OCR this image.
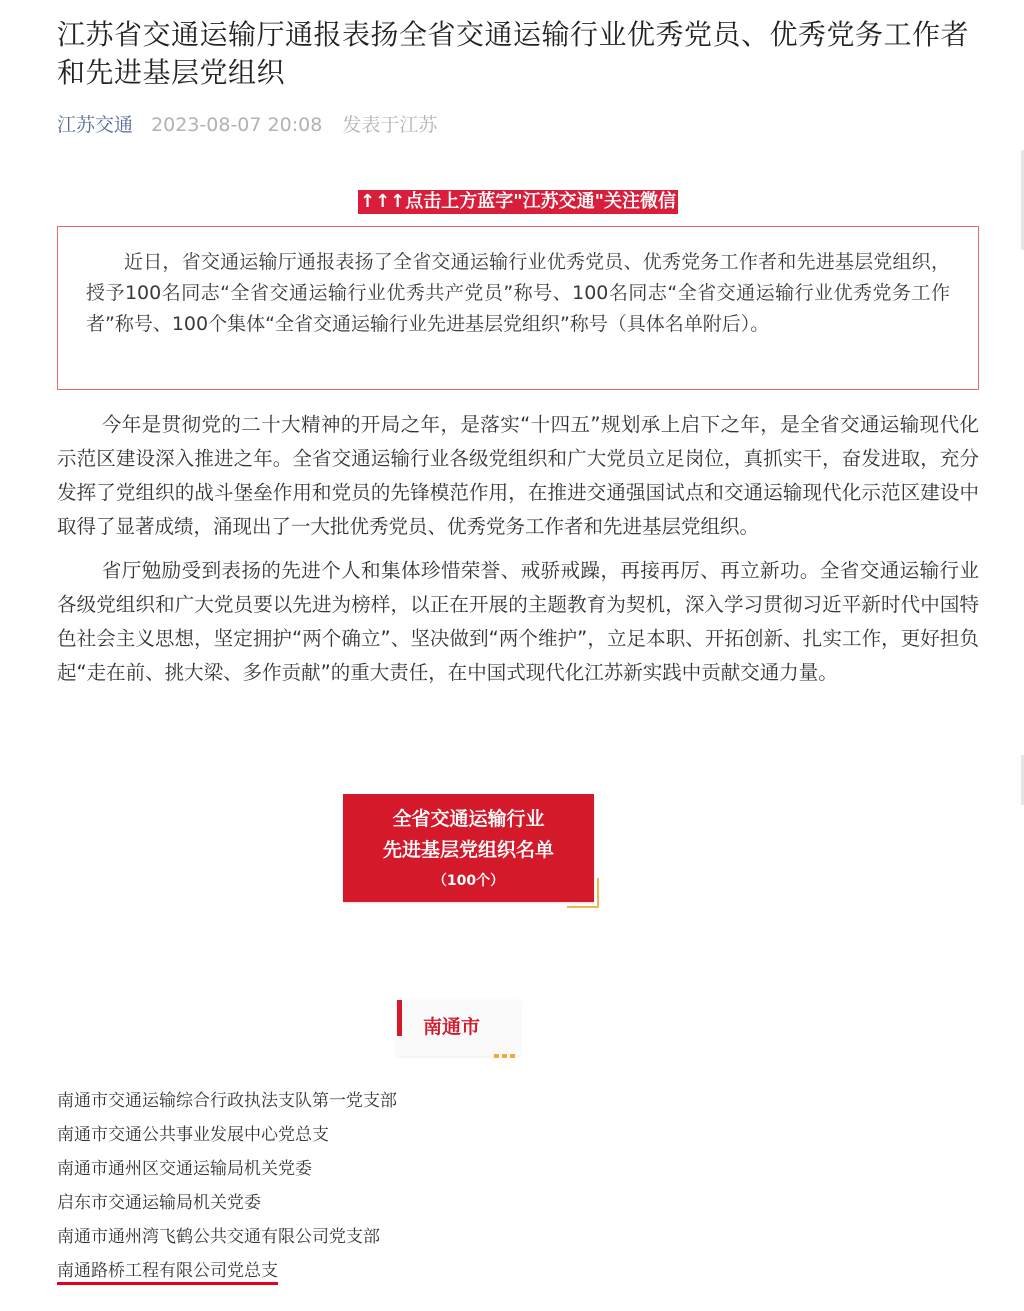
江苏省交通运输厅通报表扬全省交通运输行业优秀党员、优秀党务工作者和先进基层党组织
江苏交通 2023-08-07 20:08 发表于江苏
↑↑↑点击上方蓝字"江苏交通"关注微信

近日，省交通运输厅通报表扬了全省交通运输行业优秀党员、优秀党务工作者和先进基层党组织，授予100名同志“全省交通运输行业优秀共产党员”称号、100名同志“全省交通运输行业优秀党务工作者”称号、100个集体“全省交通运输行业先进基层党组织”称号（具体名单附后）。

今年是贯彻党的二十大精神的开局之年，是落实“十四五”规划承上启下之年，是全省交通运输现代化示范区建设深入推进之年。全省交通运输行业各级党组织和广大党员立足岗位，真抓实干，奋发进取，充分发挥了党组织的战斗堡垒作用和党员的先锋模范作用，在推进交通强国试点和交通运输现代化示范区建设中取得了显著成绩，涌现出了一大批优秀党员、优秀党务工作者和先进基层党组织。

省厅勉励受到表扬的先进个人和集体珍惜荣誉、戒骄戒躁，再接再厉、再立新功。全省交通运输行业各级党组织和广大党员要以先进为榜样，以正在开展的主题教育为契机，深入学习贯彻习近平新时代中国特色社会主义思想，坚定拥护“两个确立”、坚决做到“两个维护”，立足本职、开拓创新、扎实工作，更好担负起“走在前、挑大梁、多作贡献”的重大责任，在中国式现代化江苏新实践中贡献交通力量。

全省交通运输行业
先进基层党组织名单
（100个）
南通市
南通市交通运输综合行政执法支队第一党支部
南通市交通公共事业发展中心党总支
南通市通州区交通运输局机关党委
启东市交通运输局机关党委
南通市通州湾飞鹤公共交通有限公司党支部
南通路桥工程有限公司党总支
